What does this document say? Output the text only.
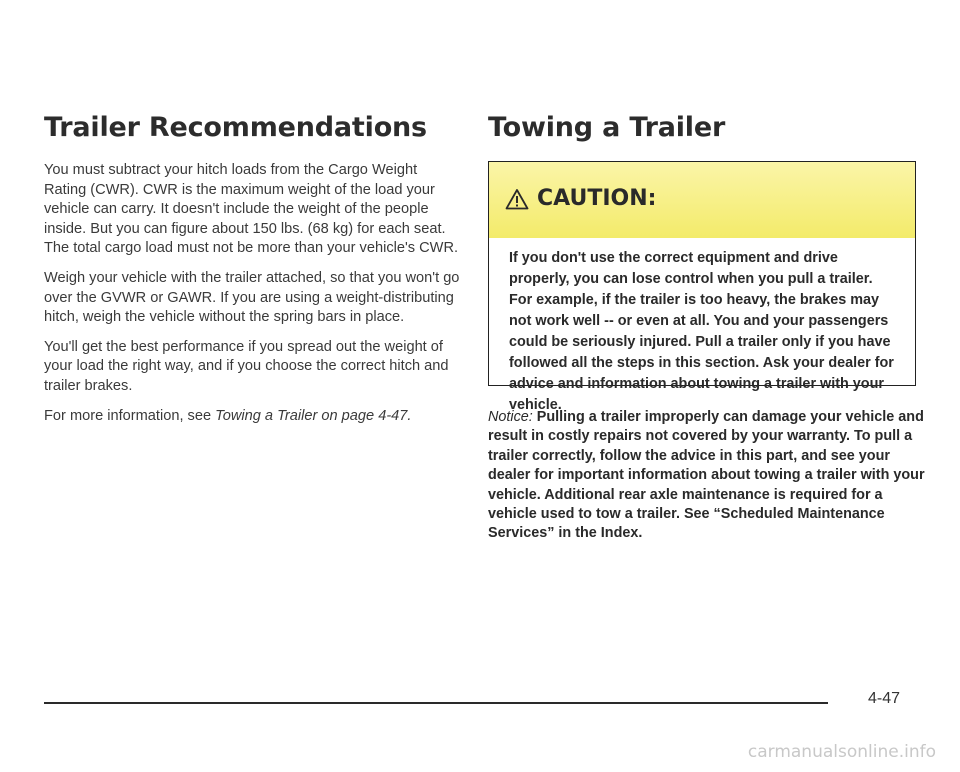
Trailer Recommendations

You must subtract your hitch loads from the Cargo Weight Rating (CWR). CWR is the maximum weight of the load your vehicle can carry. It doesn't include the weight of the people inside. But you can figure about 150 lbs. (68 kg) for each seat. The total cargo load must not be more than your vehicle's CWR.

Weigh your vehicle with the trailer attached, so that you won't go over the GVWR or GAWR. If you are using a weight-distributing hitch, weigh the vehicle without the spring bars in place.

You'll get the best performance if you spread out the weight of your load the right way, and if you choose the correct hitch and trailer brakes.

For more information, see Towing a Trailer on page 4-47.

Towing a Trailer
CAUTION:
If you don't use the correct equipment and drive properly, you can lose control when you pull a trailer. For example, if the trailer is too heavy, the brakes may not work well -- or even at all. You and your passengers could be seriously injured. Pull a trailer only if you have followed all the steps in this section. Ask your dealer for advice and information about towing a trailer with your vehicle.
Notice: Pulling a trailer improperly can damage your vehicle and result in costly repairs not covered by your warranty. To pull a trailer correctly, follow the advice in this part, and see your dealer for important information about towing a trailer with your vehicle. Additional rear axle maintenance is required for a vehicle used to tow a trailer. See “Scheduled Maintenance Services” in the Index.
4-47
carmanualsonline.info
